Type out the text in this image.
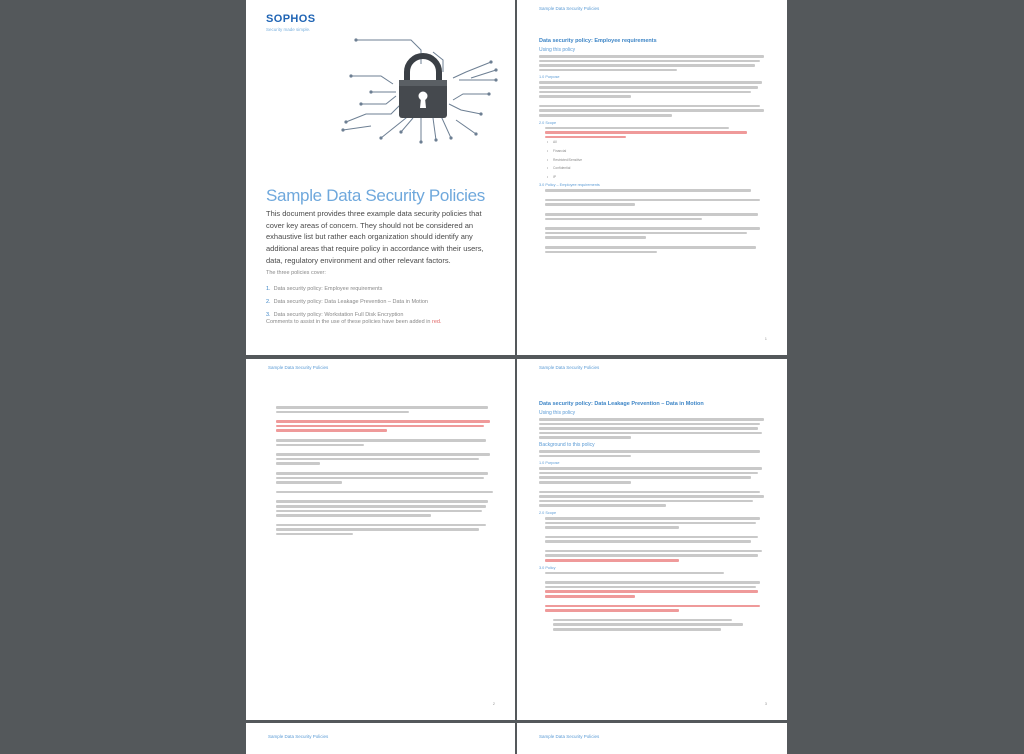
SOPHOS
Security made simple.
Sample Data Security Policies
This document provides three example data security policies that cover key areas of concern. They should not be considered an exhaustive list but rather each organization should identify any additional areas that require policy in accordance with their users, data, regulatory environment and other relevant factors.
The three policies cover:
1. Data security policy: Employee requirements
2. Data security policy: Data Leakage Prevention – Data in Motion
3. Data security policy: Workstation Full Disk Encryption
Comments to assist in the use of these policies have been added in red.
Sample Data Security Policies
Data security policy: Employee requirements
Using this policy
1.0 Purpose
2.0 Scope
• All
• Financial
• Restricted/Sensitive
• Confidential
• IP
3.0 Policy – Employee requirements
1
Sample Data Security Policies
2
Sample Data Security Policies
Data security policy: Data Leakage Prevention – Data in Motion
Using this policy
Background to this policy
1.0 Purpose
2.0 Scope
3.0 Policy
3
Sample Data Security Policies	Sample Data Security Policies
